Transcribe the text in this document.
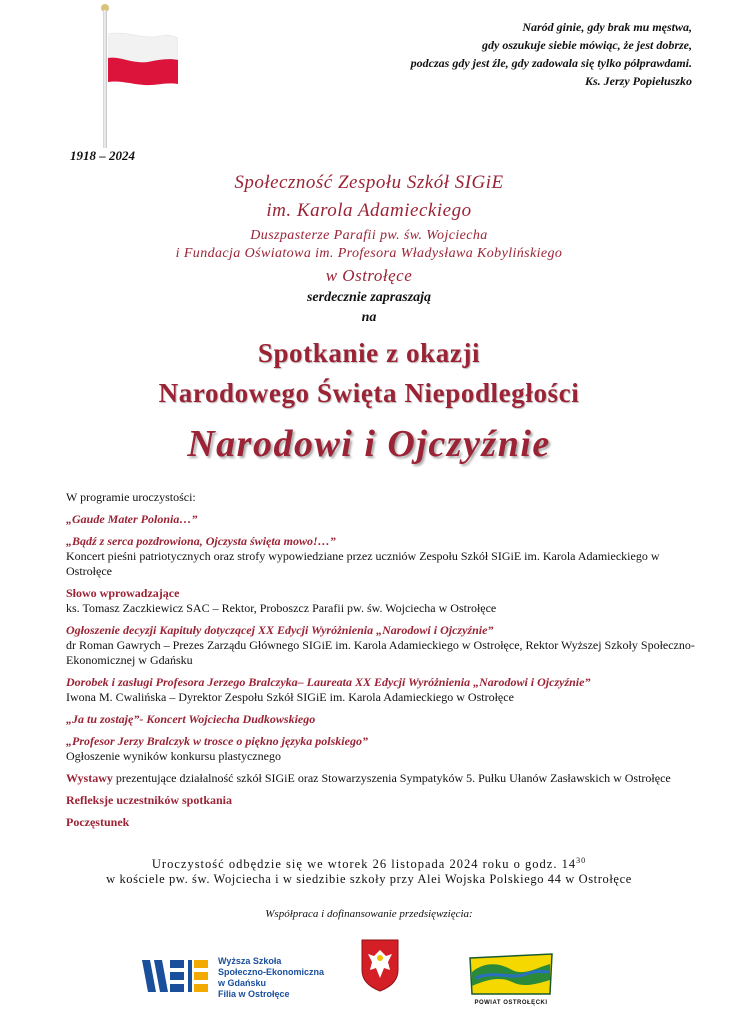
1918 – 2024
Naród ginie, gdy brak mu męstwa,
gdy oszukuje siebie mówiąc, że jest dobrze,
podczas gdy jest źle, gdy zadowala się tylko półprawdami.
Ks. Jerzy Popiełuszko
Społeczność Zespołu Szkół SIGiE
im. Karola Adamieckiego
Duszpasterze Parafii pw. św. Wojciecha
i Fundacja Oświatowa im. Profesora Władysława Kobylińskiego
w Ostrołęce
serdecznie zapraszają
na
Spotkanie z okazji
Narodowego Święta Niepodległości
Narodowi i Ojczyźnie
W programie uroczystości:
„Gaude Mater Polonia…”
„Bądź z serca pozdrowiona, Ojczysta święta mowo!…”
Koncert pieśni patriotycznych oraz strofy wypowiedziane przez uczniów Zespołu Szkół SIGiE im. Karola Adamieckiego w Ostrołęce
Słowo wprowadzające
ks. Tomasz Zaczkiewicz SAC – Rektor, Proboszcz Parafii pw. św. Wojciecha w Ostrołęce
Ogłoszenie decyzji Kapituły dotyczącej XX Edycji Wyróżnienia „Narodowi i Ojczyźnie”
dr Roman Gawrych – Prezes Zarządu Głównego SIGiE im. Karola Adamieckiego w Ostrołęce, Rektor Wyższej Szkoły Społeczno-Ekonomicznej w Gdańsku
Dorobek i zasługi Profesora Jerzego Bralczyka– Laureata XX Edycji Wyróżnienia „Narodowi i Ojczyźnie”
Iwona M. Cwalińska – Dyrektor Zespołu Szkół SIGiE im. Karola Adamieckiego w Ostrołęce
„Ja tu zostaję”- Koncert Wojciecha Dudkowskiego
„Profesor Jerzy Bralczyk w trosce o piękno języka polskiego”
Ogłoszenie wyników konkursu plastycznego
Wystawy prezentujące działalność szkół SIGiE oraz Stowarzyszenia Sympatyków 5. Pułku Ułanów Zasławskich w Ostrołęce
Refleksje uczestników spotkania
Poczęstunek
Uroczystość odbędzie się we wtorek 26 listopada 2024 roku o godz. $14^{30}$
w kościele pw. św. Wojciecha i w siedzibie szkoły przy Alei Wojska Polskiego 44 w Ostrołęce
Współpraca i dofinansowanie przedsięwzięcia:
Wyższa Szkoła
Społeczno-Ekonomiczna
w Gdańsku
Filia w Ostrołęce
POWIAT OSTROŁĘCKI
